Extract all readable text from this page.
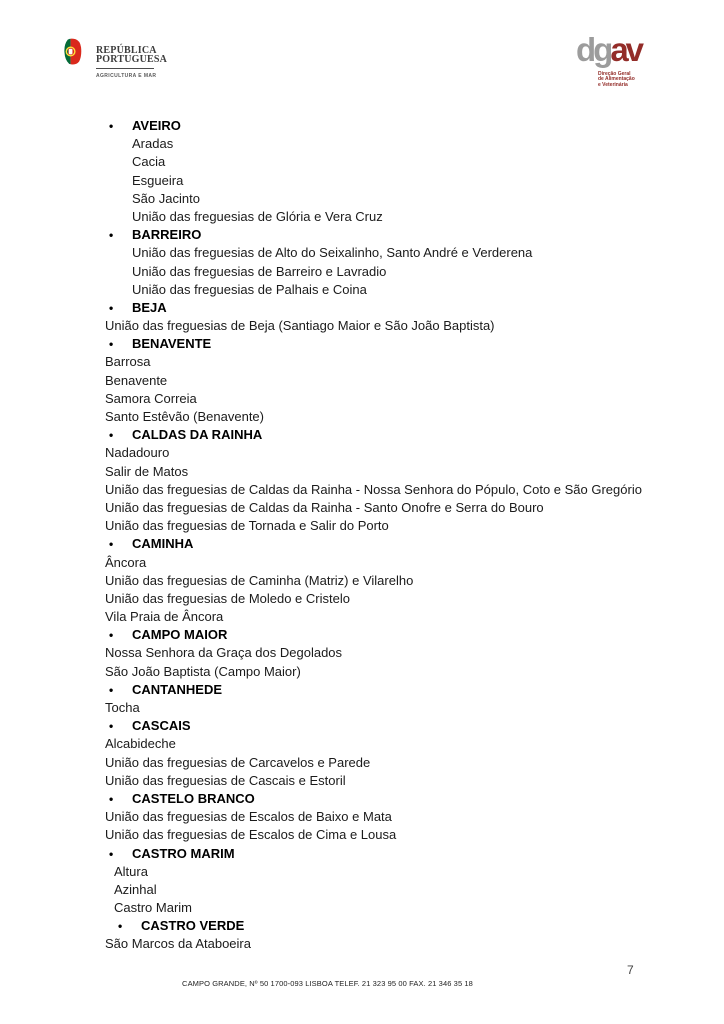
REPÚBLICA
PORTUGUESA
AGRICULTURA E MAR
dgav
Direção Geral
de Alimentação
e Veterinária
• AVEIRO
Aradas
Cacia
Esgueira
São Jacinto
União das freguesias de Glória e Vera Cruz
• BARREIRO
União das freguesias de Alto do Seixalinho, Santo André e Verderena
União das freguesias de Barreiro e Lavradio
União das freguesias de Palhais e Coina
• BEJA
União das freguesias de Beja (Santiago Maior e São João Baptista)
• BENAVENTE
Barrosa
Benavente
Samora Correia
Santo Estêvão (Benavente)
• CALDAS DA RAINHA
Nadadouro
Salir de Matos
União das freguesias de Caldas da Rainha - Nossa Senhora do Pópulo, Coto e São Gregório
União das freguesias de Caldas da Rainha - Santo Onofre e Serra do Bouro
União das freguesias de Tornada e Salir do Porto
• CAMINHA
Âncora
União das freguesias de Caminha (Matriz) e Vilarelho
União das freguesias de Moledo e Cristelo
Vila Praia de Âncora
• CAMPO MAIOR
Nossa Senhora da Graça dos Degolados
São João Baptista (Campo Maior)
• CANTANHEDE
Tocha
• CASCAIS
Alcabideche
União das freguesias de Carcavelos e Parede
União das freguesias de Cascais e Estoril
• CASTELO BRANCO
União das freguesias de Escalos de Baixo e Mata
União das freguesias de Escalos de Cima e Lousa
• CASTRO MARIM
Altura
Azinhal
Castro Marim
• CASTRO VERDE
São Marcos da Ataboeira
CAMPO GRANDE, Nº 50 1700-093 LISBOA TELEF. 21 323 95 00 FAX. 21 346 35 18
7
